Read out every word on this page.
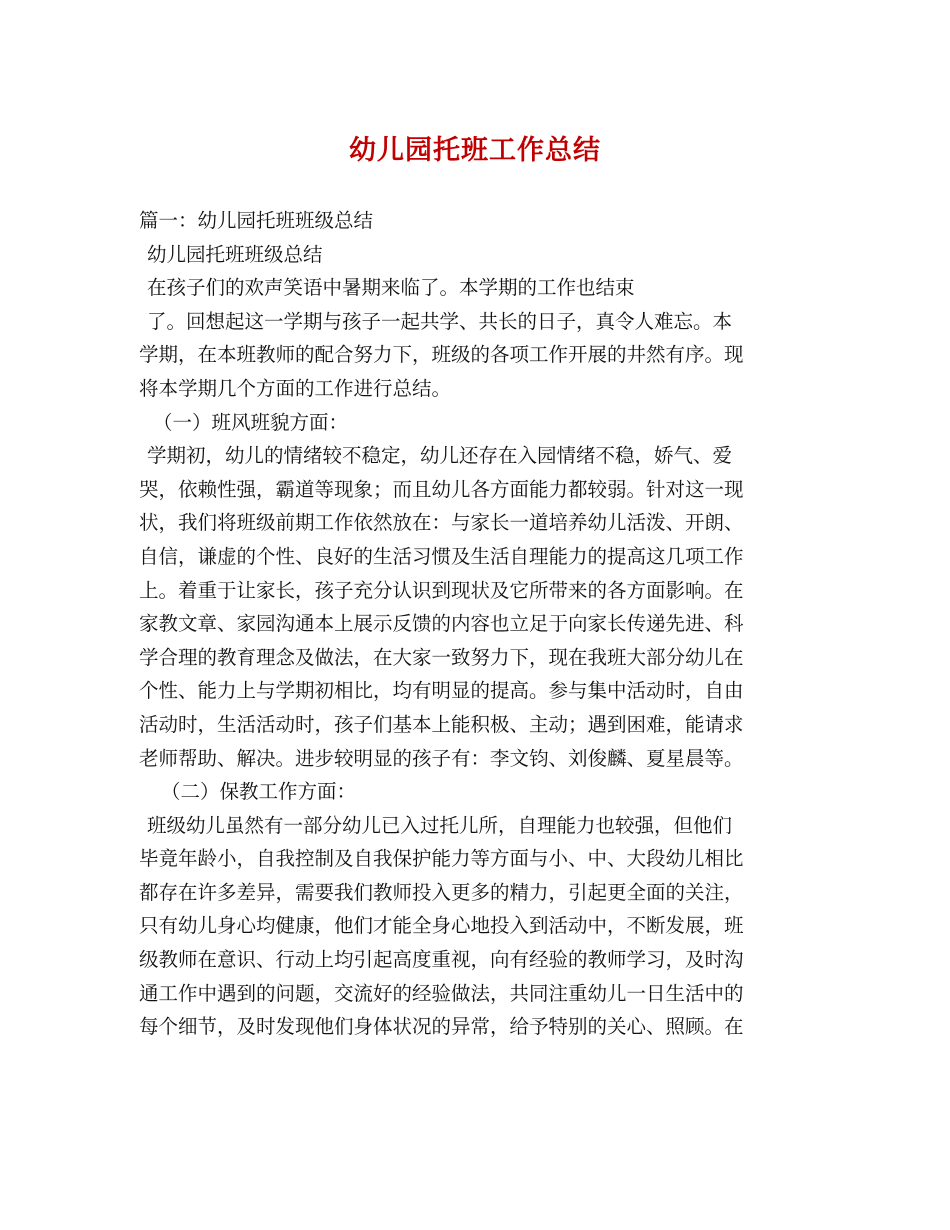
幼儿园托班工作总结
篇一：幼儿园托班班级总结
幼儿园托班班级总结
在孩子们的欢声笑语中暑期来临了。本学期的工作也结束
了。回想起这一学期与孩子一起共学、共长的日子，真令人难忘。本
学期，在本班教师的配合努力下，班级的各项工作开展的井然有序。现
将本学期几个方面的工作进行总结。
（一）班风班貌方面：
学期初，幼儿的情绪较不稳定，幼儿还存在入园情绪不稳，娇气、爱
哭，依赖性强，霸道等现象；而且幼儿各方面能力都较弱。针对这一现
状，我们将班级前期工作依然放在：与家长一道培养幼儿活泼、开朗、
自信，谦虚的个性、良好的生活习惯及生活自理能力的提高这几项工作
上。着重于让家长，孩子充分认识到现状及它所带来的各方面影响。在
家教文章、家园沟通本上展示反馈的内容也立足于向家长传递先进、科
学合理的教育理念及做法，在大家一致努力下，现在我班大部分幼儿在
个性、能力上与学期初相比，均有明显的提高。参与集中活动时，自由
活动时，生活活动时，孩子们基本上能积极、主动；遇到困难，能请求
老师帮助、解决。进步较明显的孩子有：李文钧、刘俊麟、夏星晨等。
（二）保教工作方面：
班级幼儿虽然有一部分幼儿已入过托儿所，自理能力也较强，但他们
毕竟年龄小，自我控制及自我保护能力等方面与小、中、大段幼儿相比
都存在许多差异，需要我们教师投入更多的精力，引起更全面的关注，
只有幼儿身心均健康，他们才能全身心地投入到活动中，不断发展，班
级教师在意识、行动上均引起高度重视，向有经验的教师学习，及时沟
通工作中遇到的问题，交流好的经验做法，共同注重幼儿一日生活中的
每个细节，及时发现他们身体状况的异常，给予特别的关心、照顾。在
